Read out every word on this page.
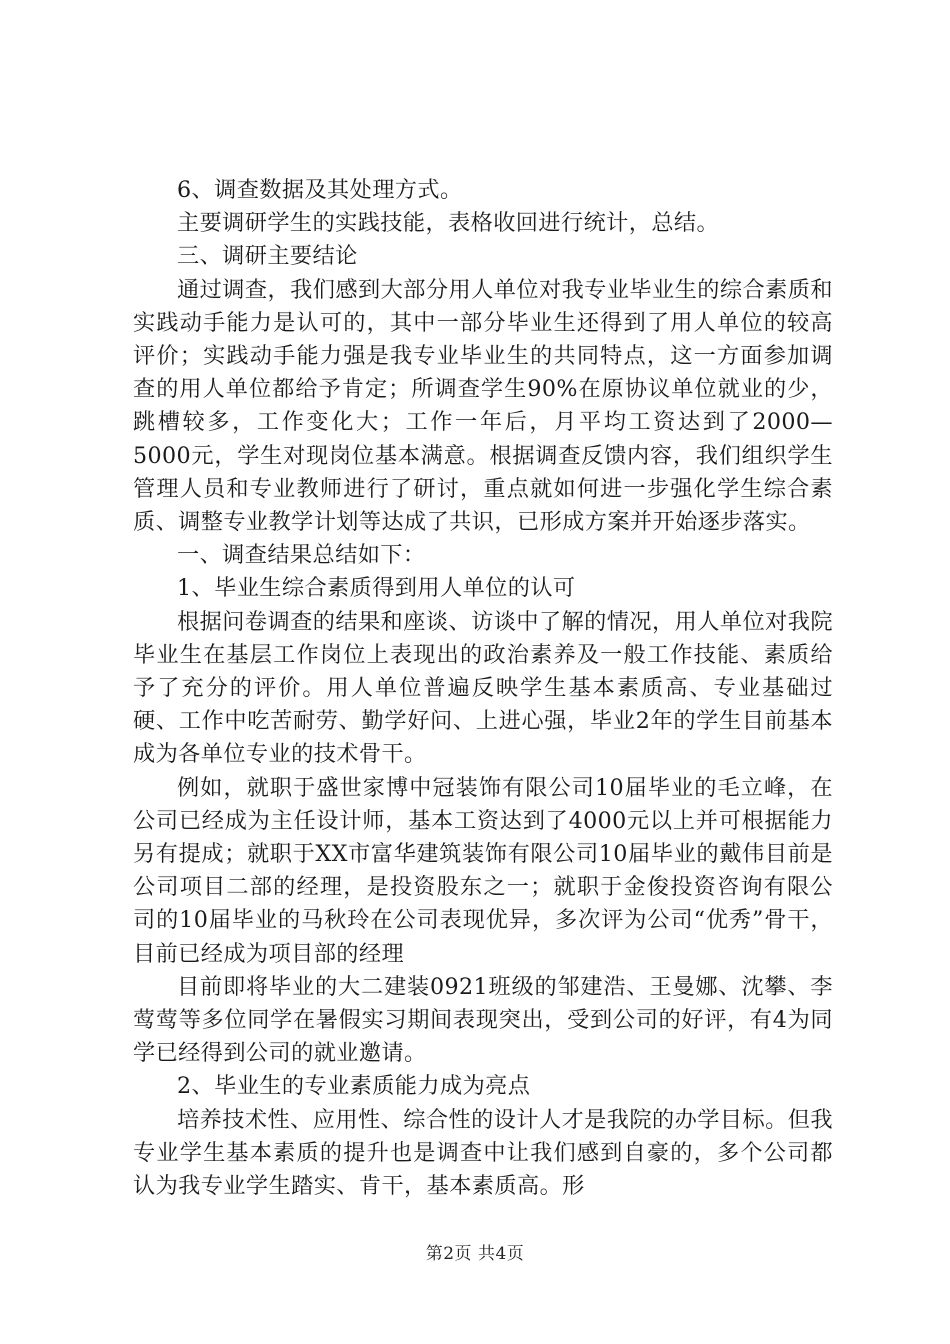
6、调查数据及其处理方式。

主要调研学生的实践技能，表格收回进行统计，总结。

三、调研主要结论

通过调查，我们感到大部分用人单位对我专业毕业生的综合素质和实践动手能力是认可的，其中一部分毕业生还得到了用人单位的较高评价；实践动手能力强是我专业毕业生的共同特点，这一方面参加调查的用人单位都给予肯定；所调查学生90%在原协议单位就业的少，跳槽较多，工作变化大；工作一年后，月平均工资达到了2000—5000元，学生对现岗位基本满意。根据调查反馈内容，我们组织学生管理人员和专业教师进行了研讨，重点就如何进一步强化学生综合素质、调整专业教学计划等达成了共识，已形成方案并开始逐步落实。

一、调查结果总结如下：

1、毕业生综合素质得到用人单位的认可

根据问卷调查的结果和座谈、访谈中了解的情况，用人单位对我院毕业生在基层工作岗位上表现出的政治素养及一般工作技能、素质给予了充分的评价。用人单位普遍反映学生基本素质高、专业基础过硬、工作中吃苦耐劳、勤学好问、上进心强，毕业2年的学生目前基本成为各单位专业的技术骨干。

例如，就职于盛世家博中冠装饰有限公司10届毕业的毛立峰，在公司已经成为主任设计师，基本工资达到了4000元以上并可根据能力另有提成；就职于XX市富华建筑装饰有限公司10届毕业的戴伟目前是公司项目二部的经理，是投资股东之一；就职于金俊投资咨询有限公司的10届毕业的马秋玲在公司表现优异，多次评为公司“优秀”骨干，目前已经成为项目部的经理

目前即将毕业的大二建装0921班级的邹建浩、王曼娜、沈攀、李莺莺等多位同学在暑假实习期间表现突出，受到公司的好评，有4为同学已经得到公司的就业邀请。

2、毕业生的专业素质能力成为亮点

培养技术性、应用性、综合性的设计人才是我院的办学目标。但我专业学生基本素质的提升也是调查中让我们感到自豪的，多个公司都认为我专业学生踏实、肯干，基本素质高。形

第2页 共4页
